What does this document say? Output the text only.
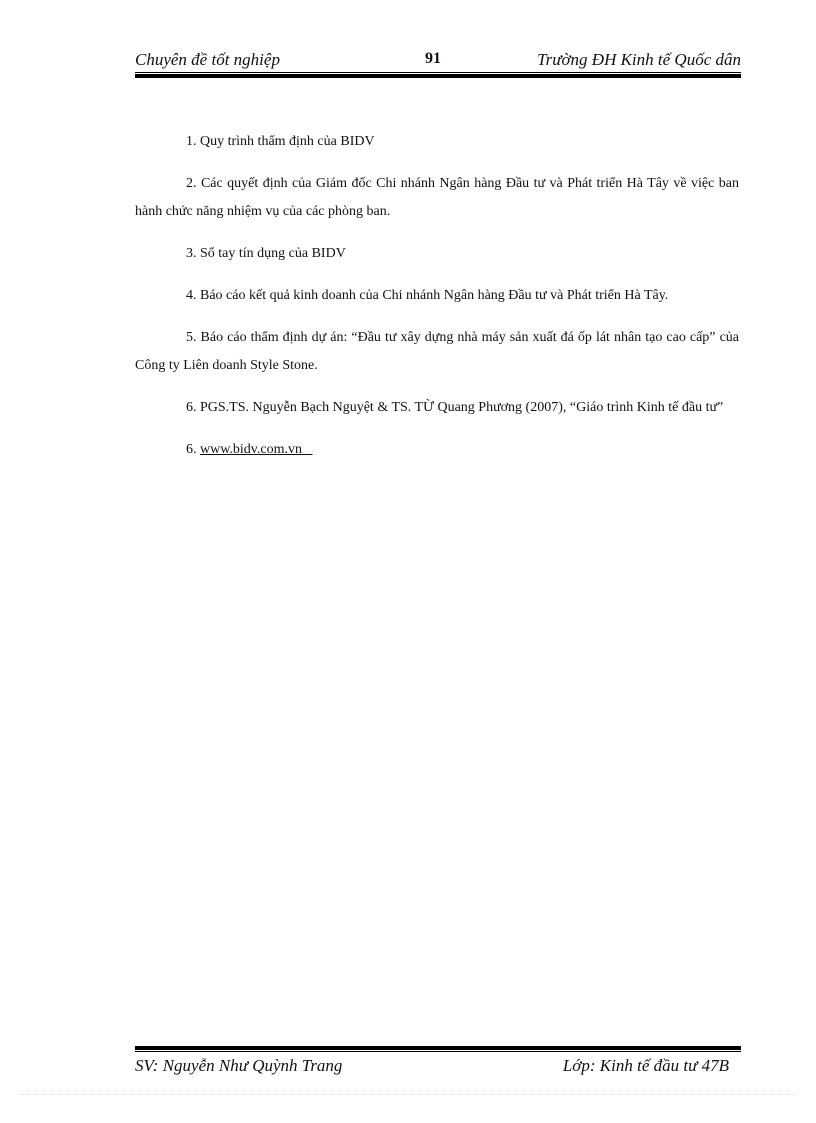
Chuyên đề tốt nghiệp	91	Trường ĐH Kinh tế Quốc dân

1. Quy trình thẩm định của BIDV

2. Các quyết định của Giám đốc Chi nhánh Ngân hàng Đầu tư và Phát triển Hà Tây về việc ban hành chức năng nhiệm vụ của các phòng ban.

3. Sổ tay tín dụng của BIDV

4. Báo cáo kết quả kinh doanh của Chi nhánh Ngân hàng Đầu tư và Phát triển Hà Tây.

5. Báo cáo thẩm định dự án: “Đầu tư xây dựng nhà máy sản xuất đá ốp lát nhân tạo cao cấp” của Công ty Liên doanh Style Stone.

6. PGS.TS. Nguyễn Bạch Nguyệt & TS. TỪ Quang Phương (2007), “Giáo trình Kinh tế đầu tư”

6. www.bidv.com.vn

SV: Nguyễn Như Quỳnh Trang	Lớp: Kinh tế đầu tư 47B
